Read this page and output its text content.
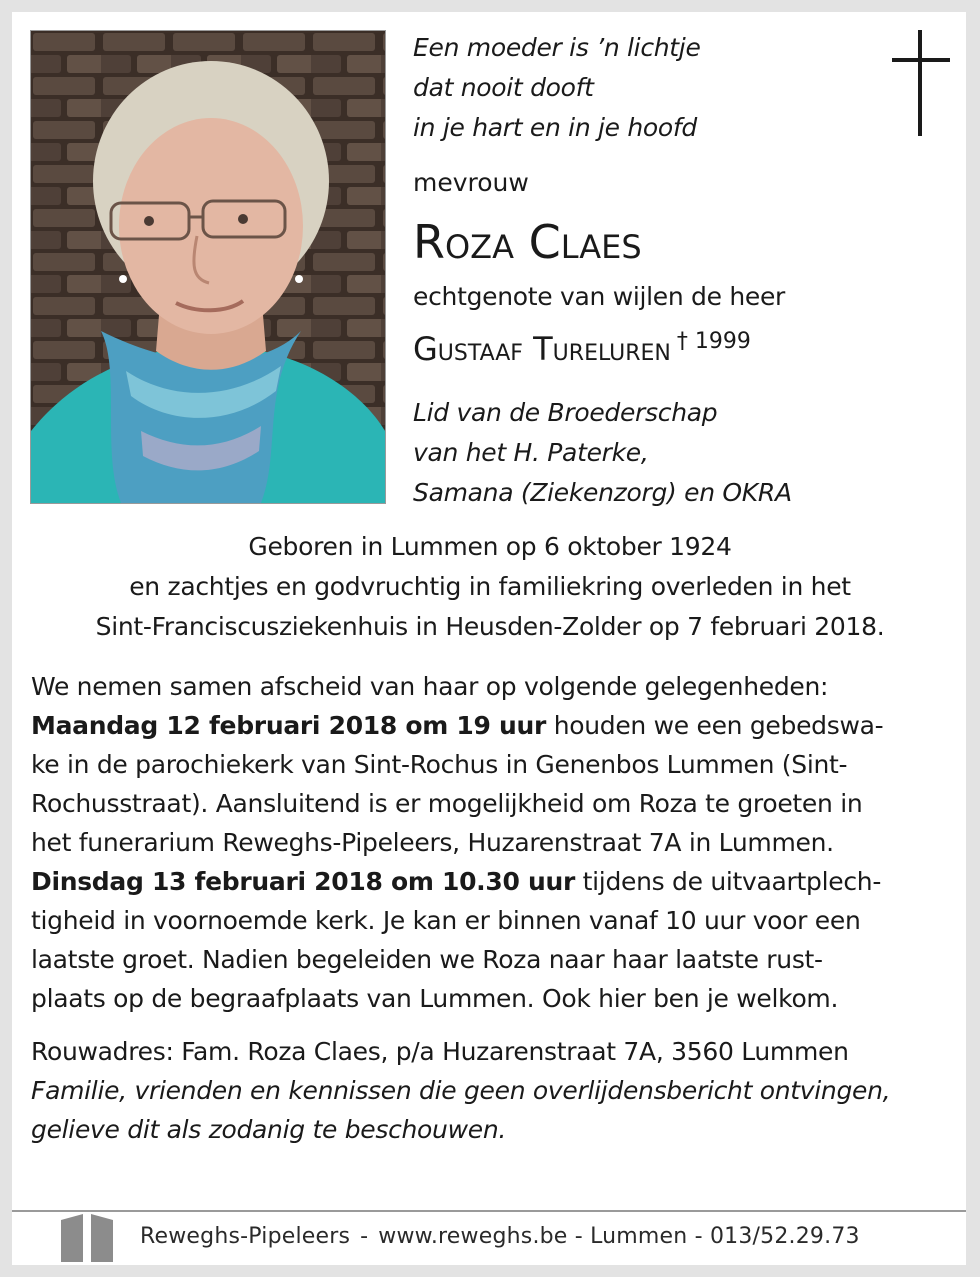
Een moeder is ’n lichtje
dat nooit dooft
in je hart en in je hoofd
mevrouw
Roza Claes
echtgenote van wijlen de heer
Gustaaf Tureluren $^{\dagger 1999}$
Lid van de Broederschap
van het H. Paterke,
Samana (Ziekenzorg) en OKRA
Geboren in Lummen op 6 oktober 1924
en zachtjes en godvruchtig in familiekring overleden in het
Sint-Franciscusziekenhuis in Heusden-Zolder op 7 februari 2018.
We nemen samen afscheid van haar op volgende gelegenheden:
Maandag 12 februari 2018 om 19 uur houden we een gebedswa-
ke in de parochiekerk van Sint-Rochus in Genenbos Lummen (Sint-
Rochusstraat). Aansluitend is er mogelijkheid om Roza te groeten in
het funerarium Reweghs-Pipeleers, Huzarenstraat 7A in Lummen.
Dinsdag 13 februari 2018 om 10.30 uur tijdens de uitvaartplech-
tigheid in voornoemde kerk. Je kan er binnen vanaf 10 uur voor een
laatste groet. Nadien begeleiden we Roza naar haar laatste rust-
plaats op de begraafplaats van Lummen. Ook hier ben je welkom.
Rouwadres: Fam. Roza Claes, p/a Huzarenstraat 7A, 3560 Lummen
Familie, vrienden en kennissen die geen overlijdensbericht ontvingen,
gelieve dit als zodanig te beschouwen.
Reweghs-Pipeleers - www.reweghs.be - Lummen - 013/52.29.73
